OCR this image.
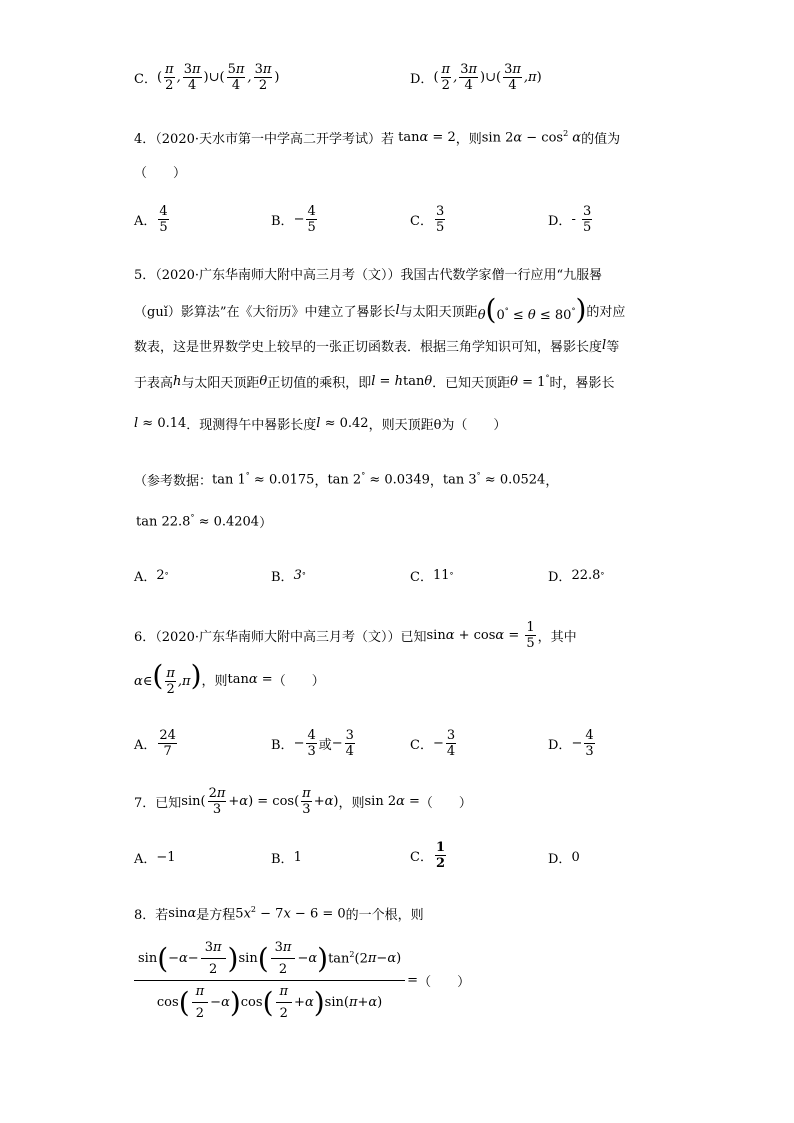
C． ( $\frac{\pi}{2}$ , $\frac{3\pi}{4}$ )∪( $\frac{5\pi}{4}$ , $\frac{3\pi}{2}$ )	D． ( $\frac{\pi}{2}$ , $\frac{3\pi}{4}$ )∪( $\frac{3\pi}{4} ,\pi$)
4．（2020·天水市第一中学高二开学考试）若 tanα = 2 ，则 $\sin 2\alpha - \cos^2 \alpha$ 的值为
（　　）
A． $\frac{4}{5}$	B． − $\frac{4}{5}$	C． $\frac{3}{5}$	D． - $\frac{3}{5}$
5．（2020·广东华南师大附中高三月考（文））我国古代数学家僧一行应用“九服晷
（guǐ）影算法”在《大衍历》中建立了晷影长 l 与太阳天顶距 θ(0° ≤ θ ≤ 80°) 的对应
数表，这是世界数学史上较早的一张正切函数表．根据三角学知识可知，晷影长度 l 等
于表高 h 与太阳天顶距 θ 正切值的乘积，即 l = htanθ ．已知天顶距 θ = 1° 时，晷影长
l ≈ 0.14 ．现测得午中晷影长度 l ≈ 0.42 ，则天顶距θ为（　　）
（参考数据： tan 1° ≈ 0.0175 ， tan 2° ≈ 0.0349 ， tan 3° ≈ 0.0524 ，
tan 22.8° ≈ 0.4204 ）
A． 2 °	B． 3 °	C． 11 °	D． 22.8 °
6．（2020·广东华南师大附中高三月考（文））已知 $\sin\alpha + \cos\alpha = \frac{1}{5}$ ，其中
α∈( $\frac{\pi}{2} ,\pi$) ，则 tanα = （　　）
A． $\frac{24}{7}$	B． − $\frac{4}{3}$ 或 − $\frac{3}{4}$	C． − $\frac{3}{4}$	D． − $\frac{4}{3}$
7．已知 $\sin( \frac{2\pi}{3} +\alpha) = \cos( \frac{\pi}{3} +\alpha)$ ，则 sin 2α = （　　）
A． −1	B． 1	C． $\frac{1}{2}$	D． 0
8．若 sinα 是方程 $5x^2 - 7x - 6 = 0$ 的一个根，则
$\frac{\sin ( -\alpha- \frac{3 \pi}{2} ) \sin ( \frac{3 \pi}{2} -\alpha ) \tan^2(2 \pi - \alpha )}{\cos ( \frac{\pi}{2} -\alpha ) \cos ( \frac{\pi}{2} +\alpha ) \sin( \pi + \alpha )}$ = （　　）
